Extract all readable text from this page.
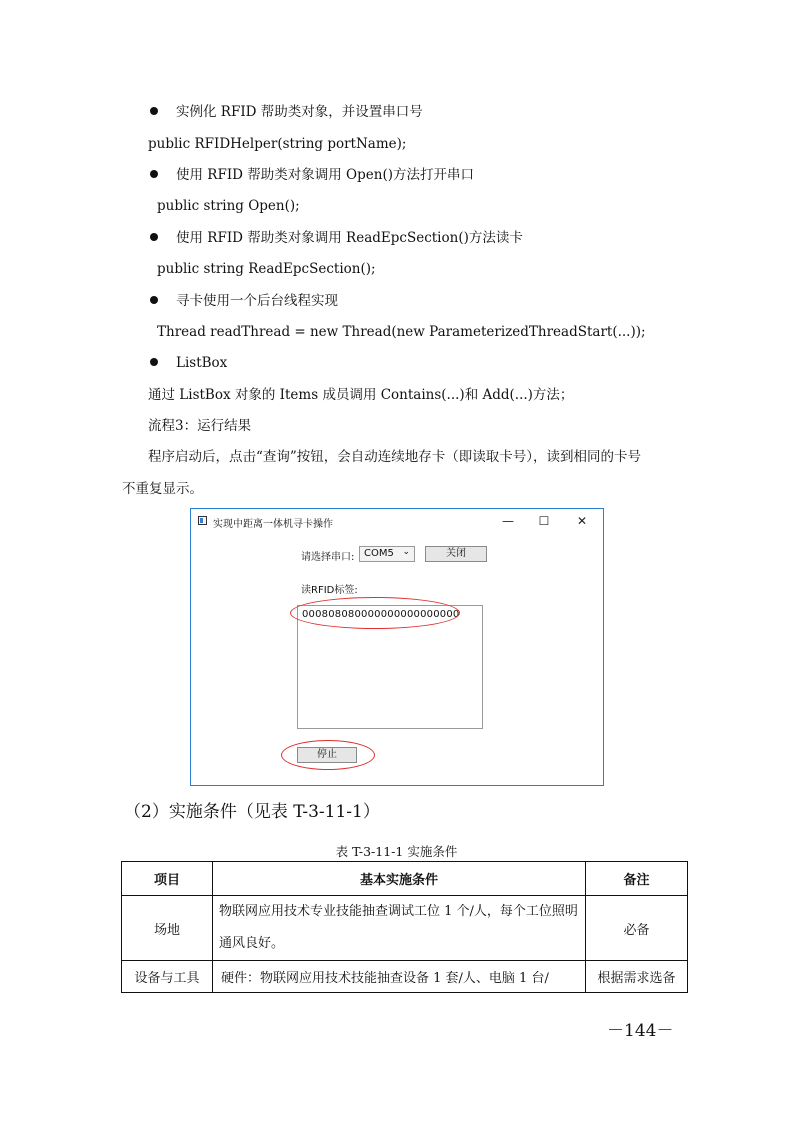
实例化 RFID 帮助类对象，并设置串口号
public RFIDHelper(string portName);
使用 RFID 帮助类对象调用 Open()方法打开串口
public string Open();
使用 RFID 帮助类对象调用 ReadEpcSection()方法读卡
public string ReadEpcSection();
寻卡使用一个后台线程实现
Thread readThread = new Thread(new ParameterizedThreadStart(...));
ListBox
通过 ListBox 对象的 Items 成员调用 Contains(...)和 Add(...)方法；
流程3：运行结果
程序启动后，点击“查询”按钮，会自动连续地存卡（即读取卡号），读到相同的卡号
不重复显示。
实现中距离一体机寻卡操作	—	☐	✕
请选择串口: COM5 ⌄	关闭
读RFID标签:
000808080000000000000000
停止
（2）实施条件（见表 T-3-11-1）
表 T-3-11-1 实施条件
项目	基本实施条件	备注
场地	物联网应用技术专业技能抽查调试工位 1 个/人，每个工位照明通风良好。	必备
设备与工具	硬件：物联网应用技术技能抽查设备 1 套/人、电脑 1 台/	根据需求选备
－144－
